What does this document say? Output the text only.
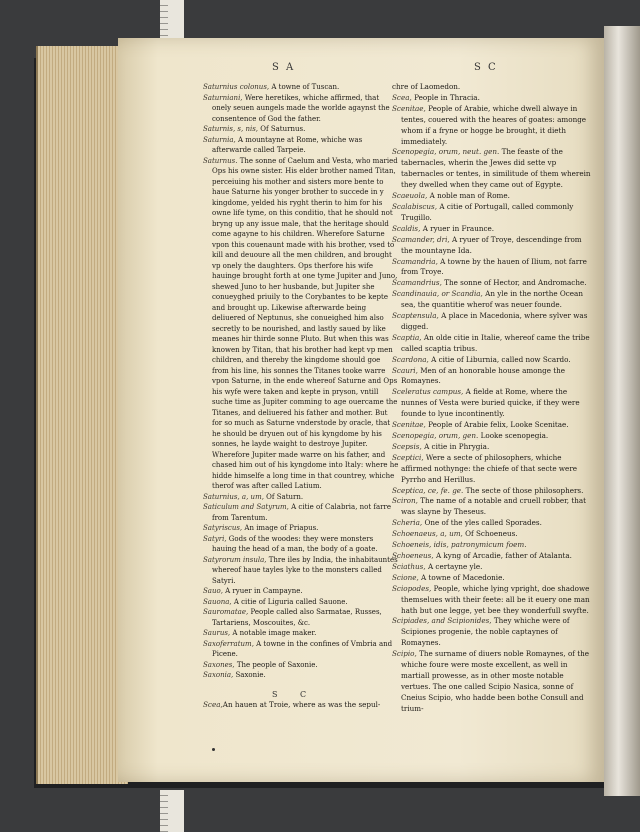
S A	S C

Saturnius colonus, A towne of Tuscan.

Saturniani, Were heretikes, whiche affirmed, that onely seuen aungels made the worlde agaynst the consentence of God the father.

Saturnis, s, nis, Of Saturnus.

Saturnia, A mountayne at Rome, whiche was afterwarde called Tarpeie.

Saturnus. The sonne of Caelum and Vesta, who maried Ops his owne sister. His elder brother named Titan, perceiuing his mother and sisters more bente to haue Saturne his yonger brother to succede in y kingdome, yelded his ryght therin to him for his owne life tyme, on this conditio, that he should not bryng up any issue male, that the heritage should come agayne to his children. Wherefore Saturne vpon this couenaunt made with his brother, vsed to kill and deuoure all the men children, and brought vp onely the daughters. Ops therfore his wife hauinge brought forth at one tyme Jupiter and Juno, shewed Juno to her husbande, but Jupiter she conueyghed priuily to the Corybantes to be kepte and brought up. Likewise afterwarde being deliuered of Neptunus, she conueighed him also secretly to be nourished, and lastly saued by like meanes hir thirde sonne Pluto. But when this was knowen by Titan, that his brother had kept vp men children, and thereby the kingdome should goe from his line, his sonnes the Titanes tooke warre vpon Saturne, in the ende whereof Saturne and Ops his wyfe were taken and kepte in pryson, vntill suche time as Jupiter comming to age ouercame the Titanes, and deliuered his father and mother. But for so much as Saturne vnderstode by oracle, that he should be dryuen out of his kyngdome by his sonnes, he layde waight to destroye Jupiter. Wherefore Jupiter made warre on his father, and chased him out of his kyngdome into Italy: where he hidde himselfe a long time in that countrey, whiche therof was after called Latium.

Saturnius, a, um, Of Saturn.

Saticulum and Satyrum, A citie of Calabria, not farre from Tarentum.

Satyriscus, An image of Priapus.

Satyri, Gods of the woodes: they were monsters hauing the head of a man, the body of a goate.

Satyrorum insula, Thre iles by India, the inhabitauntes whereof haue tayles lyke to the monsters called Satyri.

Sauo, A ryuer in Campayne.

Sauona, A citie of Liguria called Sauone.

Sauromatae, People called also Sarmatae, Russes, Tartariens, Moscouites, &c.

Saurus, A notable image maker.

Saxoferratum, A towne in the confines of Vmbria and Picene.

Saxones, The people of Saxonie.

Saxonia, Saxonie.

chre of Laomedon.

Scea, People in Thracia.

Scenitae, People of Arabie, whiche dwell alwaye in tentes, couered with the heares of goates: amonge whom if a fryne or hogge be brought, it dieth immediately.

Scenopegia, orum, neut. gen. The feaste of the tabernacles, wherin the Jewes did sette vp tabernacles or tentes, in similitude of them wherein they dwelled when they came out of Egypte.

Scaeuola, A noble man of Rome.

Scalabiscus, A citie of Portugall, called commonly Trugillo.

Scaldis, A ryuer in Fraunce.

Scamander, dri, A ryuer of Troye, descendinge from the mountayne Ida.

Scamandria, A towne by the hauen of Ilium, not farre from Troye.

Scamandrius, The sonne of Hector, and Andromache.

Scandinauia, or Scandia, An yle in the northe Ocean sea, the quantitie wherof was neuer founde.

Scaptensula, A place in Macedonia, where sylver was digged.

Scaptia, An olde citie in Italie, whereof came the tribe called scaptia tribus.

Scardona, A citie of Liburnia, called now Scardo.

Scauri, Men of an honorable house amonge the Romaynes.

Sceleratus campus, A fielde at Rome, where the nunnes of Vesta were buried quicke, if they were founde to lyue incontinently.

Scenitae, People of Arabie felix, Looke Scenitae.

Scenopegia, orum, gen. Looke scenopegia.

Scepsis, A citie in Phrygia.

Sceptici, Were a secte of philosophers, whiche affirmed nothynge: the chiefe of that secte were Pyrrho and Herillus.

Sceptica, ce, fe. ge. The secte of those philosophers.

Sciron, The name of a notable and cruell robber, that was slayne by Theseus.

Scheria, One of the yles called Sporades.

Schoenaeus, a, um, Of Schoeneus.

Schoeneis, idis, patronymicum foem.

Schoeneus, A kyng of Arcadie, father of Atalanta.

Sciathus, A certayne yle.

Scione, A towne of Macedonie.

Sciopodes, People, whiche lying vpright, doe shadowe themselues with their feete: all be it euery one man hath but one legge, yet bee they wonderfull swyfte.

Scipiades, and Scipionides, They whiche were of Scipiones progenie, the noble captaynes of Romaynes.

Scipio, The surname of diuers noble Romaynes, of the whiche foure were moste excellent, as well in martiall prowesse, as in other moste notable vertues. The one called Scipio Nasica, sonne of Cneius Scipio, who hadde been bothe Consull and trium-

S C

Scea,An hauen at Troie, where as was the sepul-
